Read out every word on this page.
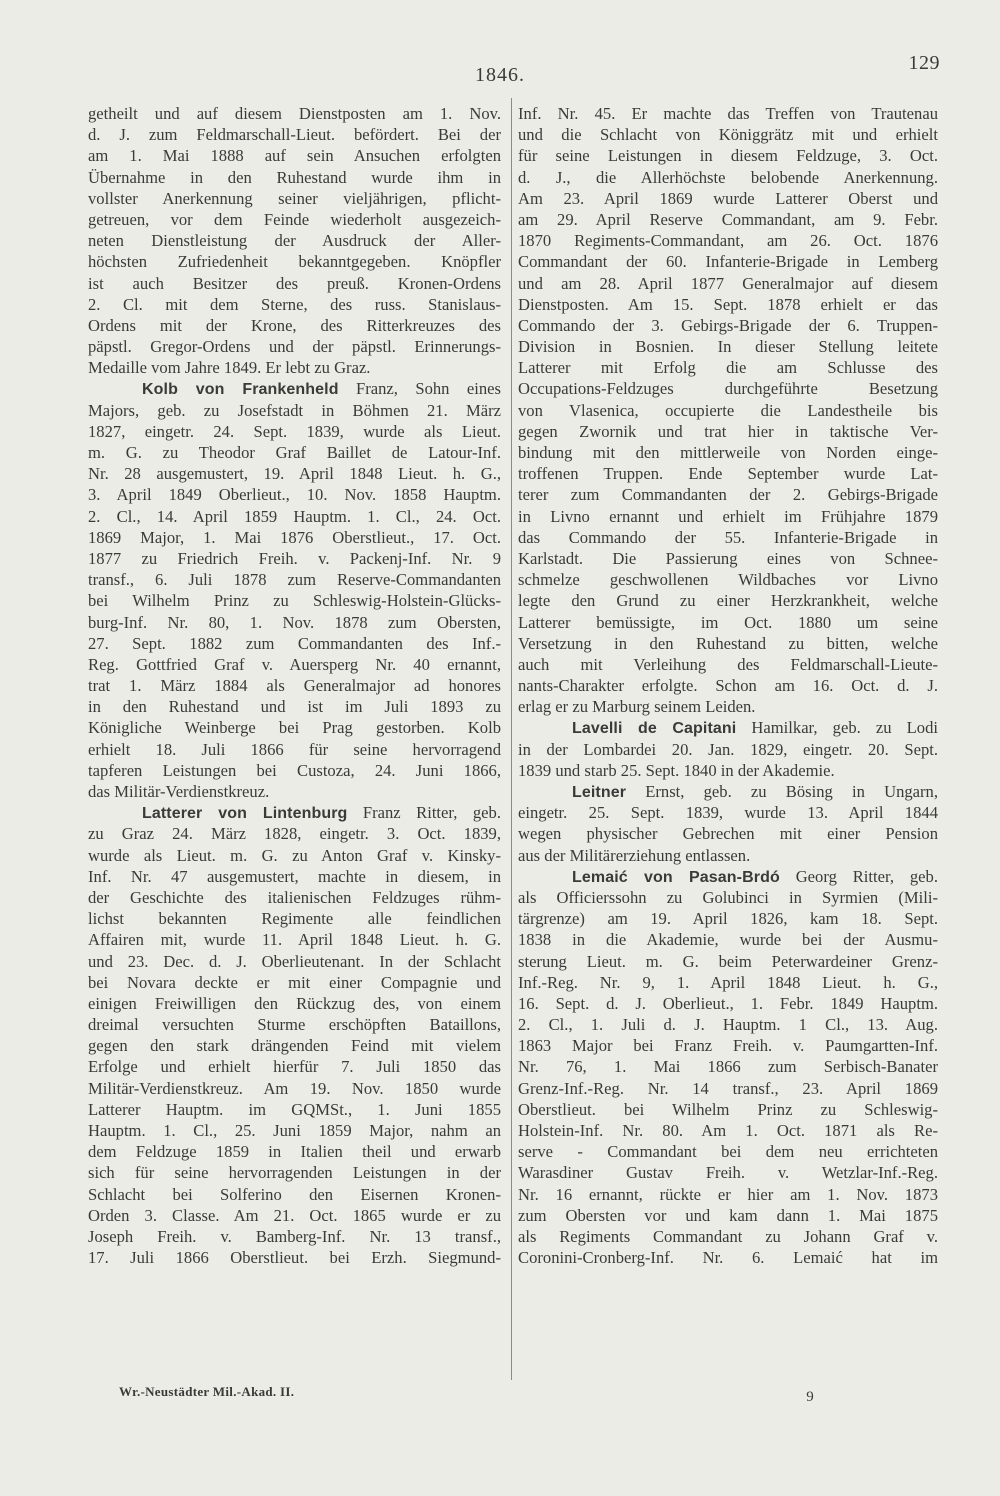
129
1846.
getheilt und auf diesem Dienstposten am 1. Nov.
d. J. zum Feldmarschall-Lieut. befördert. Bei der
am 1. Mai 1888 auf sein Ansuchen erfolgten
Übernahme in den Ruhestand wurde ihm in
vollster Anerkennung seiner vieljährigen, pflicht-
getreuen, vor dem Feinde wiederholt ausgezeich-
neten Dienstleistung der Ausdruck der Aller-
höchsten Zufriedenheit bekanntgegeben. Knöpfler
ist auch Besitzer des preuß. Kronen-Ordens
2. Cl. mit dem Sterne, des russ. Stanislaus-
Ordens mit der Krone, des Ritterkreuzes des
päpstl. Gregor-Ordens und der päpstl. Erinnerungs-
Medaille vom Jahre 1849. Er lebt zu Graz.
Kolb von Frankenheld Franz, Sohn eines
Majors, geb. zu Josefstadt in Böhmen 21. März
1827, eingetr. 24. Sept. 1839, wurde als Lieut.
m. G. zu Theodor Graf Baillet de Latour-Inf.
Nr. 28 ausgemustert, 19. April 1848 Lieut. h. G.,
3. April 1849 Oberlieut., 10. Nov. 1858 Hauptm.
2. Cl., 14. April 1859 Hauptm. 1. Cl., 24. Oct.
1869 Major, 1. Mai 1876 Oberstlieut., 17. Oct.
1877 zu Friedrich Freih. v. Packenj-Inf. Nr. 9
transf., 6. Juli 1878 zum Reserve-Commandanten
bei Wilhelm Prinz zu Schleswig-Holstein-Glücks-
burg-Inf. Nr. 80, 1. Nov. 1878 zum Obersten,
27. Sept. 1882 zum Commandanten des Inf.-
Reg. Gottfried Graf v. Auersperg Nr. 40 ernannt,
trat 1. März 1884 als Generalmajor ad honores
in den Ruhestand und ist im Juli 1893 zu
Königliche Weinberge bei Prag gestorben. Kolb
erhielt 18. Juli 1866 für seine hervorragend
tapferen Leistungen bei Custoza, 24. Juni 1866,
das Militär-Verdienstkreuz.
Latterer von Lintenburg Franz Ritter, geb.
zu Graz 24. März 1828, eingetr. 3. Oct. 1839,
wurde als Lieut. m. G. zu Anton Graf v. Kinsky-
Inf. Nr. 47 ausgemustert, machte in diesem, in
der Geschichte des italienischen Feldzuges rühm-
lichst bekannten Regimente alle feindlichen
Affairen mit, wurde 11. April 1848 Lieut. h. G.
und 23. Dec. d. J. Oberlieutenant. In der Schlacht
bei Novara deckte er mit einer Compagnie und
einigen Freiwilligen den Rückzug des, von einem
dreimal versuchten Sturme erschöpften Bataillons,
gegen den stark drängenden Feind mit vielem
Erfolge und erhielt hierfür 7. Juli 1850 das
Militär-Verdienstkreuz. Am 19. Nov. 1850 wurde
Latterer Hauptm. im GQMSt., 1. Juni 1855
Hauptm. 1. Cl., 25. Juni 1859 Major, nahm an
dem Feldzuge 1859 in Italien theil und erwarb
sich für seine hervorragenden Leistungen in der
Schlacht bei Solferino den Eisernen Kronen-
Orden 3. Classe. Am 21. Oct. 1865 wurde er zu
Joseph Freih. v. Bamberg-Inf. Nr. 13 transf.,
17. Juli 1866 Oberstlieut. bei Erzh. Siegmund-
Inf. Nr. 45. Er machte das Treffen von Trautenau
und die Schlacht von Königgrätz mit und erhielt
für seine Leistungen in diesem Feldzuge, 3. Oct.
d. J., die Allerhöchste belobende Anerkennung.
Am 23. April 1869 wurde Latterer Oberst und
am 29. April Reserve Commandant, am 9. Febr.
1870 Regiments-Commandant, am 26. Oct. 1876
Commandant der 60. Infanterie-Brigade in Lemberg
und am 28. April 1877 Generalmajor auf diesem
Dienstposten. Am 15. Sept. 1878 erhielt er das
Commando der 3. Gebirgs-Brigade der 6. Truppen-
Division in Bosnien. In dieser Stellung leitete
Latterer mit Erfolg die am Schlusse des
Occupations-Feldzuges durchgeführte Besetzung
von Vlasenica, occupierte die Landestheile bis
gegen Zwornik und trat hier in taktische Ver-
bindung mit den mittlerweile von Norden einge-
troffenen Truppen. Ende September wurde Lat-
terer zum Commandanten der 2. Gebirgs-Brigade
in Livno ernannt und erhielt im Frühjahre 1879
das Commando der 55. Infanterie-Brigade in
Karlstadt. Die Passierung eines von Schnee-
schmelze geschwollenen Wildbaches vor Livno
legte den Grund zu einer Herzkrankheit, welche
Latterer bemüssigte, im Oct. 1880 um seine
Versetzung in den Ruhestand zu bitten, welche
auch mit Verleihung des Feldmarschall-Lieute-
nants-Charakter erfolgte. Schon am 16. Oct. d. J.
erlag er zu Marburg seinem Leiden.
Lavelli de Capitani Hamilkar, geb. zu Lodi
in der Lombardei 20. Jan. 1829, eingetr. 20. Sept.
1839 und starb 25. Sept. 1840 in der Akademie.
Leitner Ernst, geb. zu Bösing in Ungarn,
eingetr. 25. Sept. 1839, wurde 13. April 1844
wegen physischer Gebrechen mit einer Pension
aus der Militärerziehung entlassen.
Lemaić von Pasan-Brdó Georg Ritter, geb.
als Officierssohn zu Golubinci in Syrmien (Mili-
tärgrenze) am 19. April 1826, kam 18. Sept.
1838 in die Akademie, wurde bei der Ausmu-
sterung Lieut. m. G. beim Peterwardeiner Grenz-
Inf.-Reg. Nr. 9, 1. April 1848 Lieut. h. G.,
16. Sept. d. J. Oberlieut., 1. Febr. 1849 Hauptm.
2. Cl., 1. Juli d. J. Hauptm. 1 Cl., 13. Aug.
1863 Major bei Franz Freih. v. Paumgartten-Inf.
Nr. 76, 1. Mai 1866 zum Serbisch-Banater
Grenz-Inf.-Reg. Nr. 14 transf., 23. April 1869
Oberstlieut. bei Wilhelm Prinz zu Schleswig-
Holstein-Inf. Nr. 80. Am 1. Oct. 1871 als Re-
serve - Commandant bei dem neu errichteten
Warasdiner Gustav Freih. v. Wetzlar-Inf.-Reg.
Nr. 16 ernannt, rückte er hier am 1. Nov. 1873
zum Obersten vor und kam dann 1. Mai 1875
als Regiments Commandant zu Johann Graf v.
Coronini-Cronberg-Inf. Nr. 6. Lemaić hat im
Wr.-Neustädter Mil.-Akad. II.	9
